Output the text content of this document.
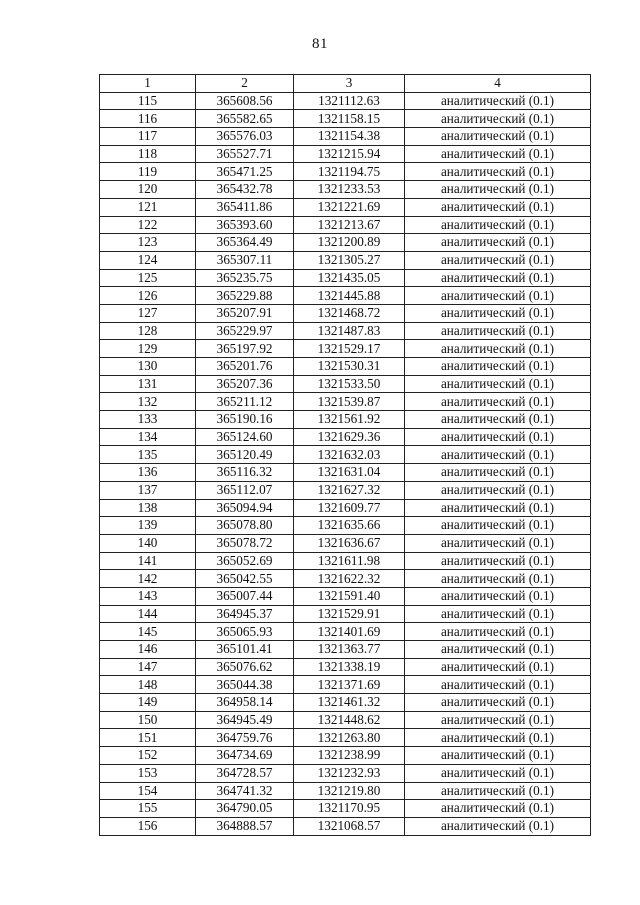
81
1	2	3	4
115	365608.56	1321112.63	аналитический (0.1)
116	365582.65	1321158.15	аналитический (0.1)
117	365576.03	1321154.38	аналитический (0.1)
118	365527.71	1321215.94	аналитический (0.1)
119	365471.25	1321194.75	аналитический (0.1)
120	365432.78	1321233.53	аналитический (0.1)
121	365411.86	1321221.69	аналитический (0.1)
122	365393.60	1321213.67	аналитический (0.1)
123	365364.49	1321200.89	аналитический (0.1)
124	365307.11	1321305.27	аналитический (0.1)
125	365235.75	1321435.05	аналитический (0.1)
126	365229.88	1321445.88	аналитический (0.1)
127	365207.91	1321468.72	аналитический (0.1)
128	365229.97	1321487.83	аналитический (0.1)
129	365197.92	1321529.17	аналитический (0.1)
130	365201.76	1321530.31	аналитический (0.1)
131	365207.36	1321533.50	аналитический (0.1)
132	365211.12	1321539.87	аналитический (0.1)
133	365190.16	1321561.92	аналитический (0.1)
134	365124.60	1321629.36	аналитический (0.1)
135	365120.49	1321632.03	аналитический (0.1)
136	365116.32	1321631.04	аналитический (0.1)
137	365112.07	1321627.32	аналитический (0.1)
138	365094.94	1321609.77	аналитический (0.1)
139	365078.80	1321635.66	аналитический (0.1)
140	365078.72	1321636.67	аналитический (0.1)
141	365052.69	1321611.98	аналитический (0.1)
142	365042.55	1321622.32	аналитический (0.1)
143	365007.44	1321591.40	аналитический (0.1)
144	364945.37	1321529.91	аналитический (0.1)
145	365065.93	1321401.69	аналитический (0.1)
146	365101.41	1321363.77	аналитический (0.1)
147	365076.62	1321338.19	аналитический (0.1)
148	365044.38	1321371.69	аналитический (0.1)
149	364958.14	1321461.32	аналитический (0.1)
150	364945.49	1321448.62	аналитический (0.1)
151	364759.76	1321263.80	аналитический (0.1)
152	364734.69	1321238.99	аналитический (0.1)
153	364728.57	1321232.93	аналитический (0.1)
154	364741.32	1321219.80	аналитический (0.1)
155	364790.05	1321170.95	аналитический (0.1)
156	364888.57	1321068.57	аналитический (0.1)
